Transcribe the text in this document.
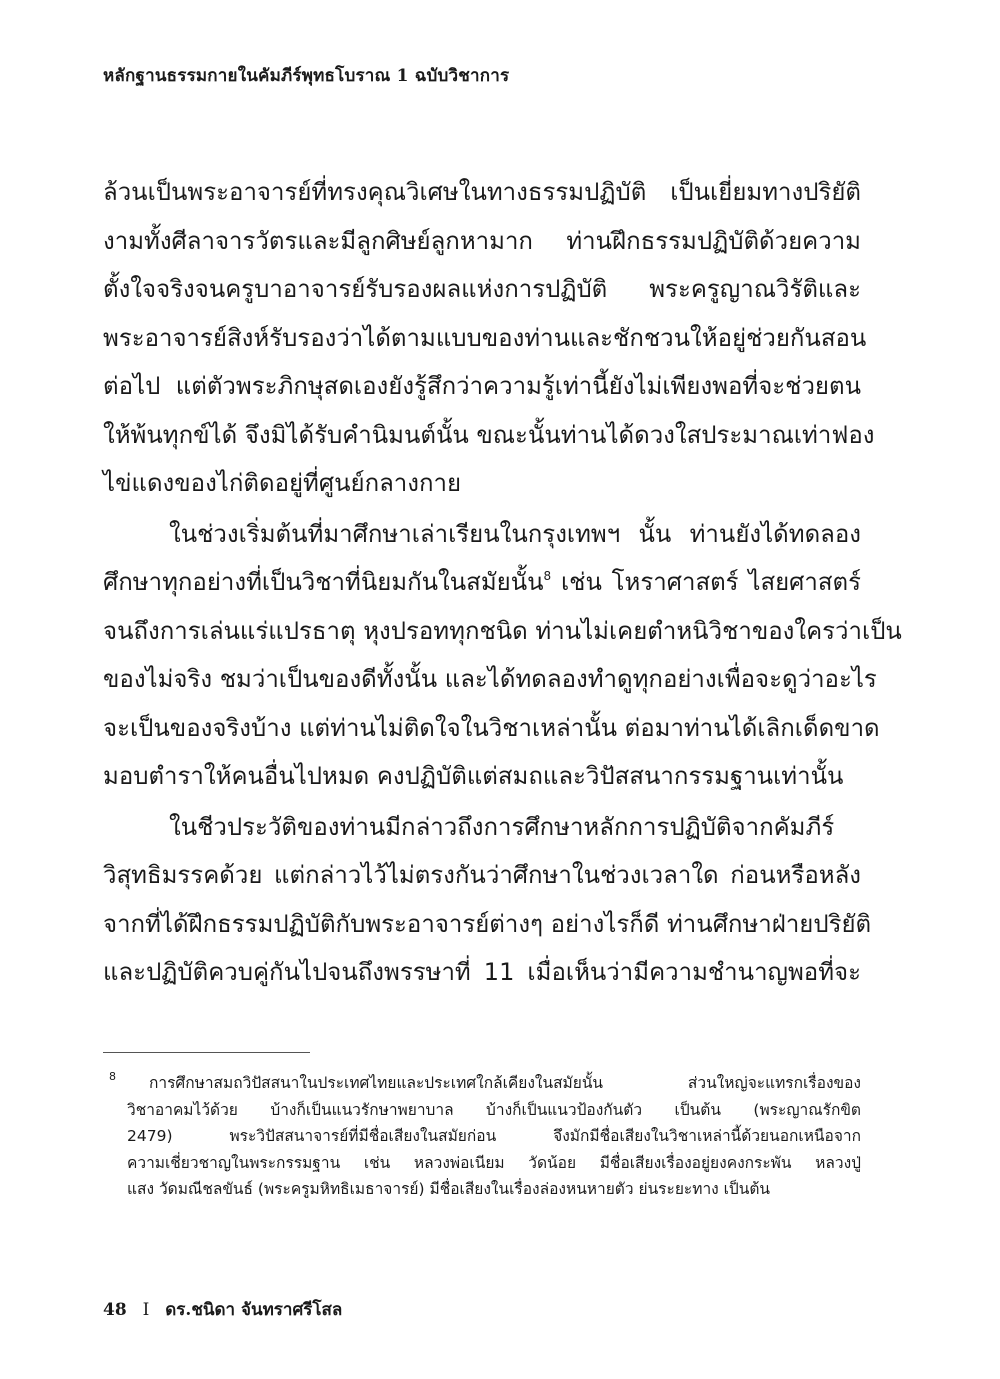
หลักฐานธรรมกายในคัมภีร์พุทธโบราณ 1 ฉบับวิชาการ

ล้วนเป็นพระอาจารย์ที่ทรงคุณวิเศษในทางธรรมปฏิบัติ เป็นเยี่ยมทางปริยัติ
งามทั้งศีลาจารวัตรและมีลูกศิษย์ลูกหามาก ท่านฝึกธรรมปฏิบัติด้วยความ
ตั้งใจจริงจนครูบาอาจารย์รับรองผลแห่งการปฏิบัติ พระครูญาณวิรัติและ
พระอาจารย์สิงห์รับรองว่าได้ตามแบบของท่านและชักชวนให้อยู่ช่วยกันสอน
ต่อไป แต่ตัวพระภิกษุสดเองยังรู้สึกว่าความรู้เท่านี้ยังไม่เพียงพอที่จะช่วยตน
ให้พ้นทุกข์ได้ จึงมิได้รับคำนิมนต์นั้น ขณะนั้นท่านได้ดวงใสประมาณเท่าฟอง
ไข่แดงของไก่ติดอยู่ที่ศูนย์กลางกาย

ในช่วงเริ่มต้นที่มาศึกษาเล่าเรียนในกรุงเทพฯ นั้น ท่านยังได้ทดลอง
ศึกษาทุกอย่างที่เป็นวิชาที่นิยมกันในสมัยนั้น$^8$ เช่น โหราศาสตร์ ไสยศาสตร์
จนถึงการเล่นแร่แปรธาตุ หุงปรอททุกชนิด ท่านไม่เคยตำหนิวิชาของใครว่าเป็น
ของไม่จริง ชมว่าเป็นของดีทั้งนั้น และได้ทดลองทำดูทุกอย่างเพื่อจะดูว่าอะไร
จะเป็นของจริงบ้าง แต่ท่านไม่ติดใจในวิชาเหล่านั้น ต่อมาท่านได้เลิกเด็ดขาด
มอบตำราให้คนอื่นไปหมด คงปฏิบัติแต่สมถและวิปัสสนากรรมฐานเท่านั้น

ในชีวประวัติของท่านมีกล่าวถึงการศึกษาหลักการปฏิบัติจากคัมภีร์
วิสุทธิมรรคด้วย แต่กล่าวไว้ไม่ตรงกันว่าศึกษาในช่วงเวลาใด ก่อนหรือหลัง
จากที่ได้ฝึกธรรมปฏิบัติกับพระอาจารย์ต่างๆ อย่างไรก็ดี ท่านศึกษาฝ่ายปริยัติ
และปฏิบัติควบคู่กันไปจนถึงพรรษาที่ 11 เมื่อเห็นว่ามีความชำนาญพอที่จะ

8	การศึกษาสมถวิปัสสนาในประเทศไทยและประเทศใกล้เคียงในสมัยนั้น ส่วนใหญ่จะแทรกเรื่องของ
วิชาอาคมไว้ด้วย บ้างก็เป็นแนวรักษาพยาบาล บ้างก็เป็นแนวป้องกันตัว เป็นต้น (พระญาณรักขิต
2479) พระวิปัสสนาจารย์ที่มีชื่อเสียงในสมัยก่อน จึงมักมีชื่อเสียงในวิชาเหล่านี้ด้วยนอกเหนือจาก
ความเชี่ยวชาญในพระกรรมฐาน เช่น หลวงพ่อเนียม วัดน้อย มีชื่อเสียงเรื่องอยู่ยงคงกระพัน หลวงปู่
แสง วัดมณีชลขันธ์ (พระครูมหิทธิเมธาจารย์) มีชื่อเสียงในเรื่องล่องหนหายตัว ย่นระยะทาง เป็นต้น
48 I ดร.ชนิดา จันทราศรีโสล
